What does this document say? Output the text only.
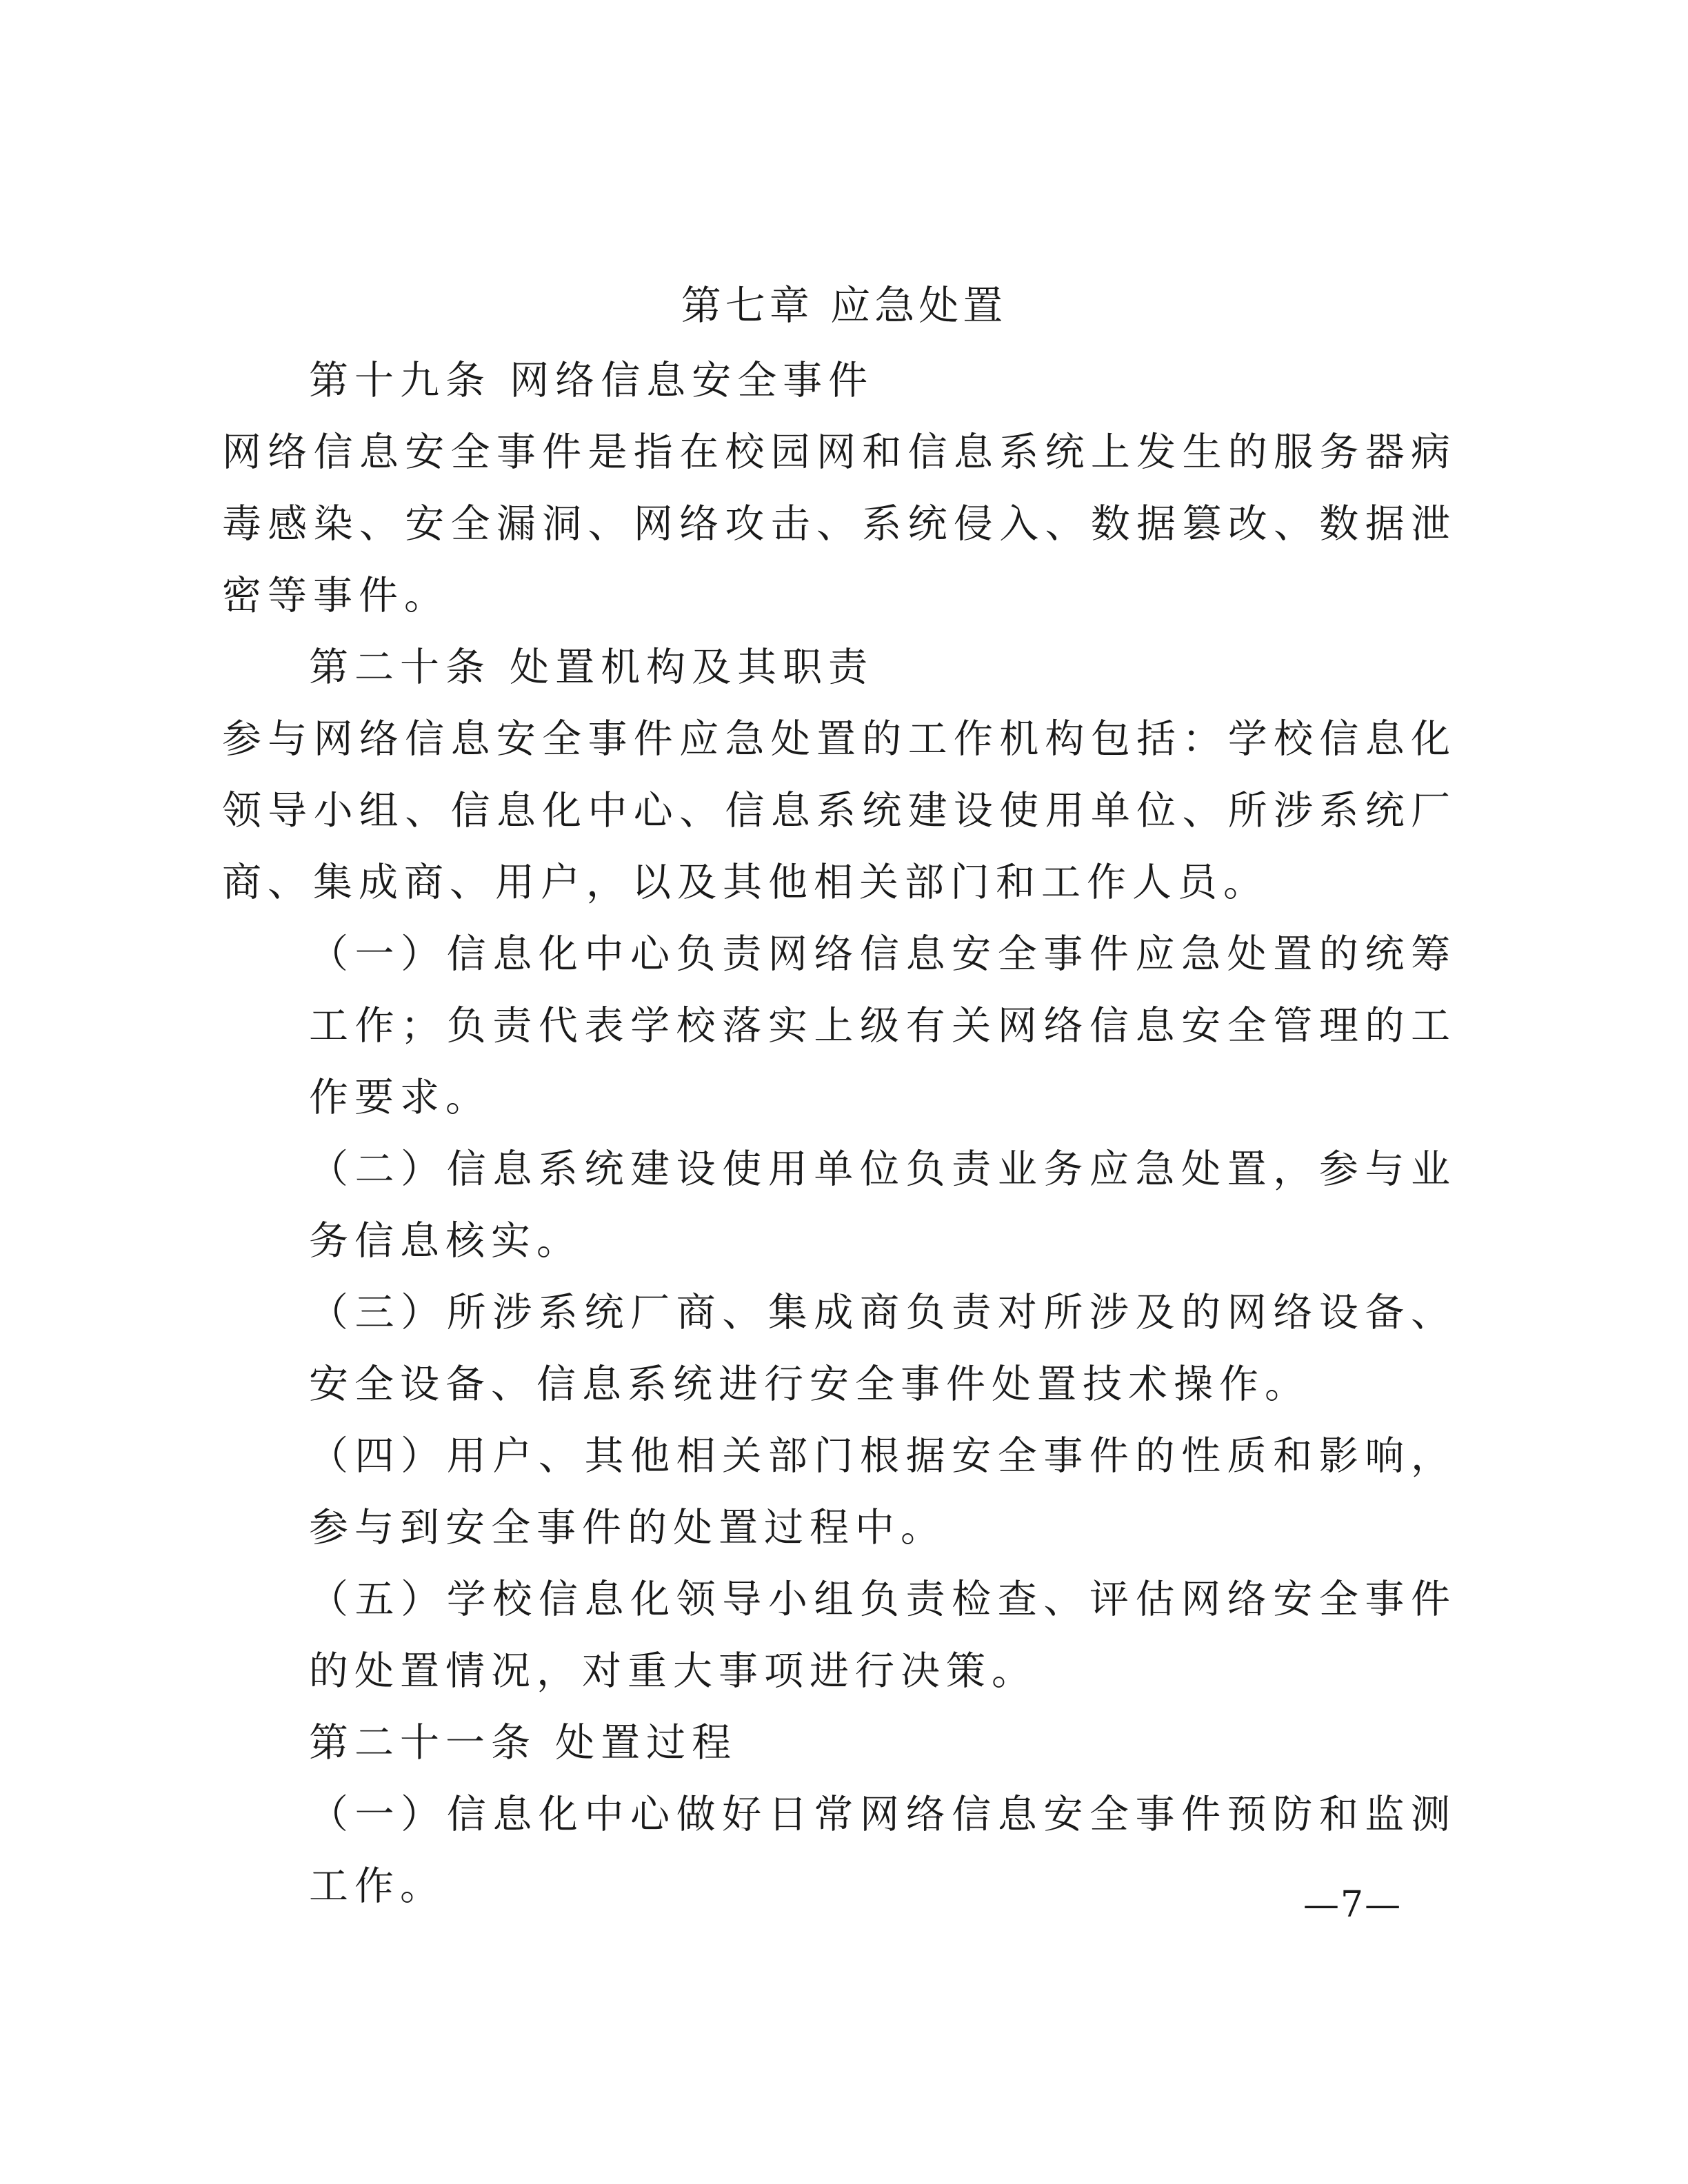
第七章 应急处置

第十九条 网络信息安全事件

网络信息安全事件是指在校园网和信息系统上发生的服务器病毒感染、安全漏洞、网络攻击、系统侵入、数据篡改、数据泄密等事件。

第二十条 处置机构及其职责

参与网络信息安全事件应急处置的工作机构包括：学校信息化领导小组、信息化中心、信息系统建设使用单位、所涉系统厂商、集成商、用户，以及其他相关部门和工作人员。

（一）信息化中心负责网络信息安全事件应急处置的统筹工作；负责代表学校落实上级有关网络信息安全管理的工作要求。

（二）信息系统建设使用单位负责业务应急处置，参与业务信息核实。

（三）所涉系统厂商、集成商负责对所涉及的网络设备、安全设备、信息系统进行安全事件处置技术操作。

（四）用户、其他相关部门根据安全事件的性质和影响，参与到安全事件的处置过程中。

（五）学校信息化领导小组负责检查、评估网络安全事件的处置情况，对重大事项进行决策。

第二十一条 处置过程

（一）信息化中心做好日常网络信息安全事件预防和监测工作。	—7—
